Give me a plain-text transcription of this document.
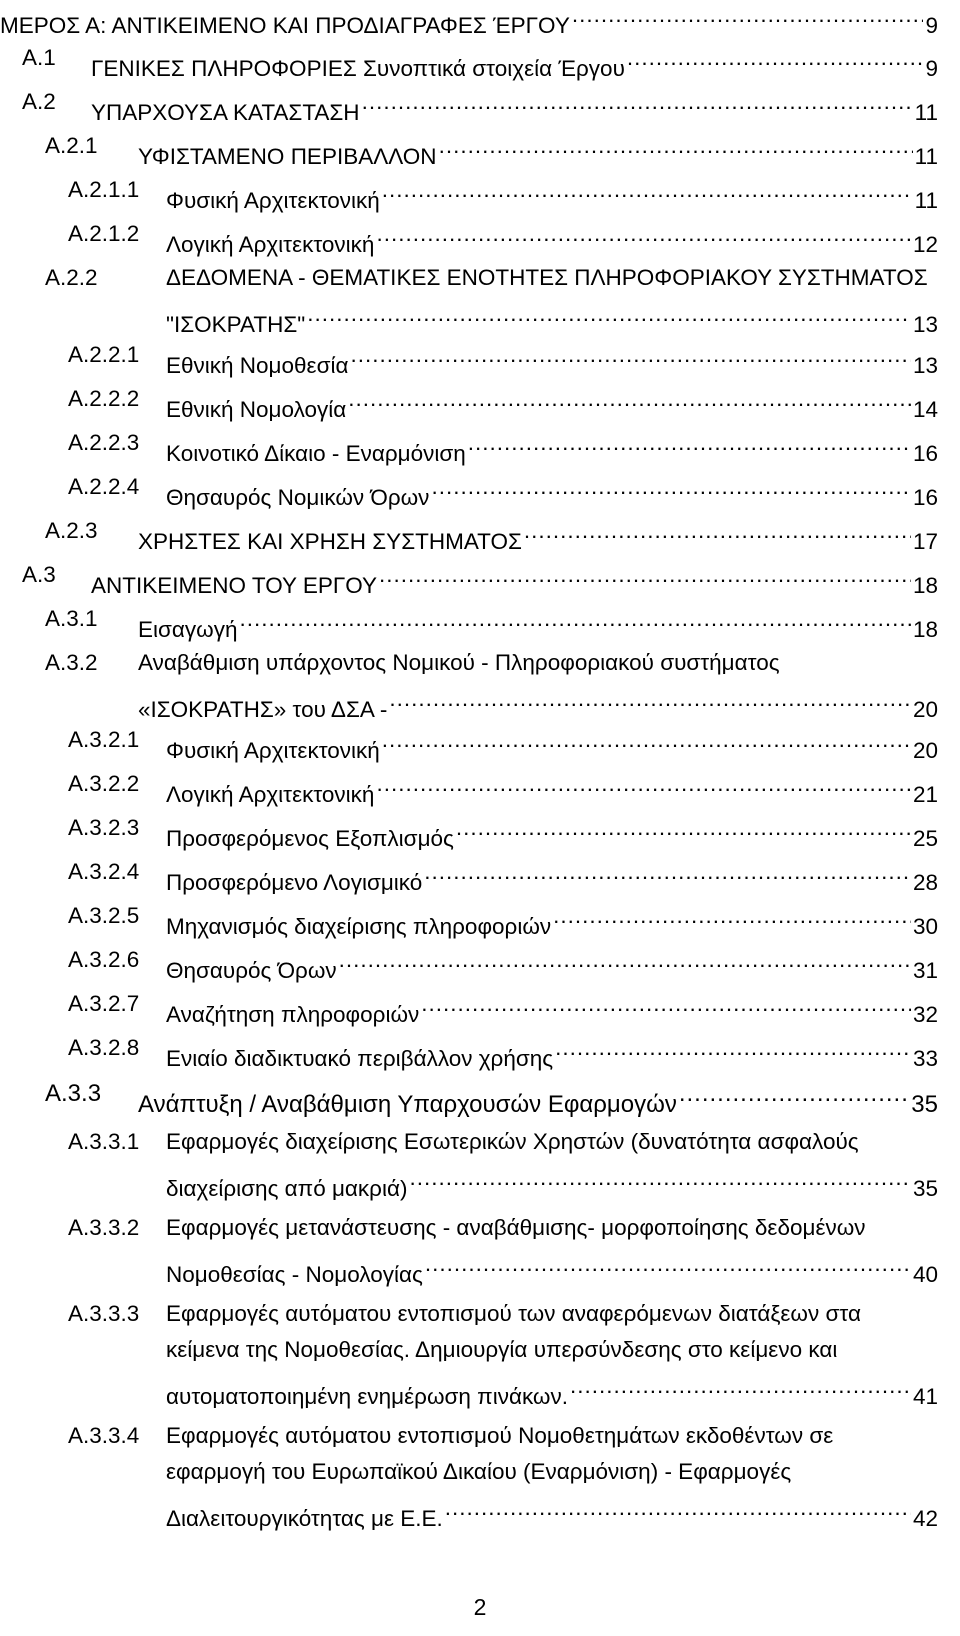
ΜΕΡΟΣ Α: ΑΝΤΙΚΕΙΜΕΝΟ ΚΑΙ ΠΡΟΔΙΑΓΡΑΦΕΣ ΈΡΓΟΥ .....	9
Α.1 ΓΕΝΙΚΕΣ ΠΛΗΡΟΦΟΡΙΕΣ Συνοπτικά στοιχεία Έργου .....	9
Α.2 ΥΠΑΡΧΟΥΣΑ ΚΑΤΑΣΤΑΣΗ .....	11
Α.2.1 ΥΦΙΣΤΑΜΕΝΟ ΠΕΡΙΒΑΛΛΟΝ .....	11
Α.2.1.1 Φυσική Αρχιτεκτονική .....	11
Α.2.1.2 Λογική Αρχιτεκτονική .....	12
Α.2.2	ΔΕΔΟΜΕΝΑ - ΘΕΜΑΤΙΚΕΣ ΕΝΟΤΗΤΕΣ ΠΛΗΡΟΦΟΡΙΑΚΟΥ ΣΥΣΤΗΜΑΤΟΣ
"ΙΣΟΚΡΑΤΗΣ" .....	13
Α.2.2.1 Εθνική Νομοθεσία .....	13
Α.2.2.2 Εθνική Νομολογία .....	14
Α.2.2.3 Κοινοτικό Δίκαιο - Εναρμόνιση .....	16
Α.2.2.4 Θησαυρός Νομικών Όρων .....	16
Α.2.3 ΧΡΗΣΤΕΣ ΚΑΙ ΧΡΗΣΗ ΣΥΣΤΗΜΑΤΟΣ .....	17
Α.3 ΑΝΤΙΚΕΙΜΕΝΟ ΤΟΥ ΕΡΓΟΥ .....	18
Α.3.1 Εισαγωγή .....	18
Α.3.2 Αναβάθμιση υπάρχοντος Νομικού - Πληροφοριακού συστήματος
«ΙΣΟΚΡΑΤΗΣ» του ΔΣΑ - .....	20
Α.3.2.1 Φυσική Αρχιτεκτονική .....	20
Α.3.2.2 Λογική Αρχιτεκτονική .....	21
Α.3.2.3 Προσφερόμενος Εξοπλισμός .....	25
Α.3.2.4 Προσφερόμενο Λογισμικό .....	28
Α.3.2.5 Μηχανισμός διαχείρισης πληροφοριών .....	30
Α.3.2.6 Θησαυρός Όρων .....	31
Α.3.2.7 Αναζήτηση πληροφοριών .....	32
Α.3.2.8 Ενιαίο διαδικτυακό περιβάλλον χρήσης .....	33
Α.3.3 Ανάπτυξη / Αναβάθμιση Υπαρχουσών Εφαρμογών .....	35
Α.3.3.1 Εφαρμογές διαχείρισης Εσωτερικών Χρηστών (δυνατότητα ασφαλούς
διαχείρισης από μακριά) .....	35
Α.3.3.2 Εφαρμογές μετανάστευσης - αναβάθμισης- μορφοποίησης δεδομένων
Νομοθεσίας - Νομολογίας .....	40
Α.3.3.3 Εφαρμογές αυτόματου εντοπισμού των αναφερόμενων διατάξεων στα
κείμενα της Νομοθεσίας. Δημιουργία υπερσύνδεσης στο κείμενο και
αυτοματοποιημένη ενημέρωση πινάκων. .....	41
Α.3.3.4 Εφαρμογές αυτόματου εντοπισμού Νομοθετημάτων εκδοθέντων σε
εφαρμογή του Ευρωπαϊκού Δικαίου (Εναρμόνιση) - Εφαρμογές
Διαλειτουργικότητας με Ε.Ε. .....	42
2
